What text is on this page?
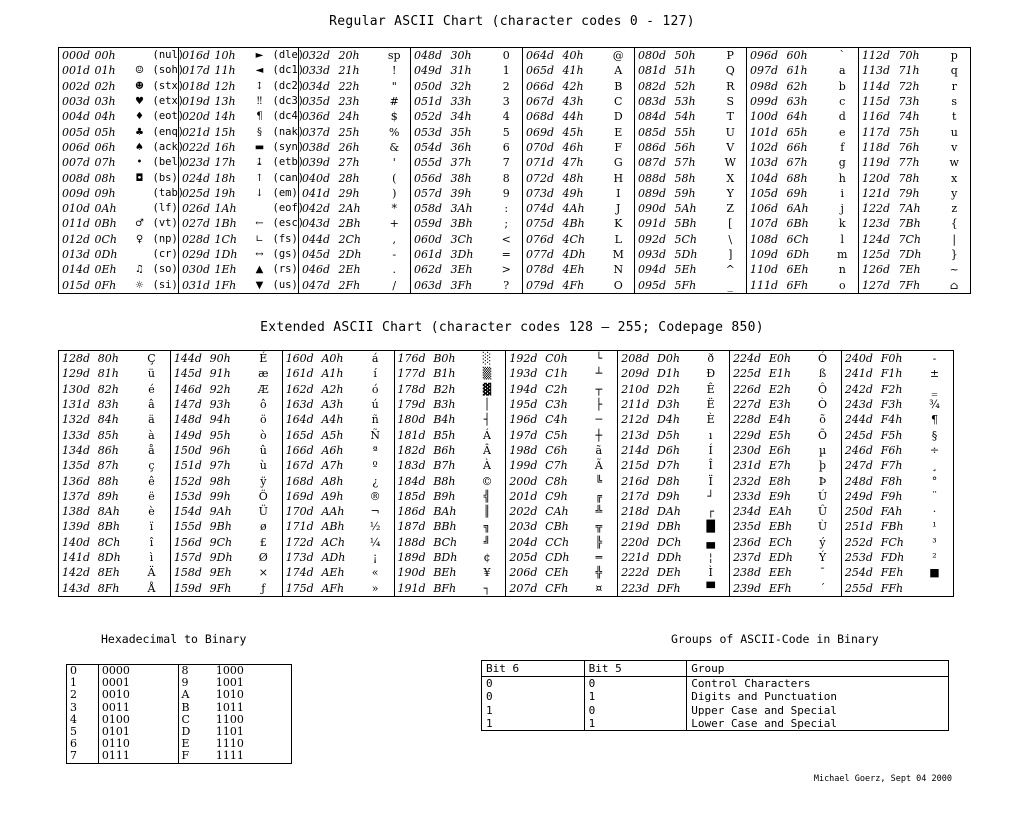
Regular ASCII Chart (character codes 0 - 127)
000d	00h		(nul)	016d	10h	►	(dle)	032d	20h	sp	048d	30h	0	064d	40h	@	080d	50h	P	096d	60h	`	112d	70h	p
001d	01h	☺	(soh)	017d	11h	◄	(dc1)	033d	21h	!	049d	31h	1	065d	41h	A	081d	51h	Q	097d	61h	a	113d	71h	q
002d	02h	☻	(stx)	018d	12h	↕	(dc2)	034d	22h	"	050d	32h	2	066d	42h	B	082d	52h	R	098d	62h	b	114d	72h	r
003d	03h	♥	(etx)	019d	13h	‼	(dc3)	035d	23h	#	051d	33h	3	067d	43h	C	083d	53h	S	099d	63h	c	115d	73h	s
004d	04h	♦	(eot)	020d	14h	¶	(dc4)	036d	24h	$	052d	34h	4	068d	44h	D	084d	54h	T	100d	64h	d	116d	74h	t
005d	05h	♣	(enq)	021d	15h	§	(nak)	037d	25h	%	053d	35h	5	069d	45h	E	085d	55h	U	101d	65h	e	117d	75h	u
006d	06h	♠	(ack)	022d	16h	▬	(syn)	038d	26h	&	054d	36h	6	070d	46h	F	086d	56h	V	102d	66h	f	118d	76h	v
007d	07h	•	(bel)	023d	17h	↨	(etb)	039d	27h	'	055d	37h	7	071d	47h	G	087d	57h	W	103d	67h	g	119d	77h	w
008d	08h	◘	(bs)	024d	18h	↑	(can)	040d	28h	(	056d	38h	8	072d	48h	H	088d	58h	X	104d	68h	h	120d	78h	x
009d	09h		(tab)	025d	19h	↓	(em)	041d	29h	)	057d	39h	9	073d	49h	I	089d	59h	Y	105d	69h	i	121d	79h	y
010d	0Ah		(lf)	026d	1Ah		(eof)	042d	2Ah	*	058d	3Ah	:	074d	4Ah	J	090d	5Ah	Z	106d	6Ah	j	122d	7Ah	z
011d	0Bh	♂	(vt)	027d	1Bh	←	(esc)	043d	2Bh	+	059d	3Bh	;	075d	4Bh	K	091d	5Bh	[	107d	6Bh	k	123d	7Bh	{
012d	0Ch	♀	(np)	028d	1Ch	∟	(fs)	044d	2Ch	,	060d	3Ch	<	076d	4Ch	L	092d	5Ch	\	108d	6Ch	l	124d	7Ch	|
013d	0Dh		(cr)	029d	1Dh	↔	(gs)	045d	2Dh	-	061d	3Dh	=	077d	4Dh	M	093d	5Dh	]	109d	6Dh	m	125d	7Dh	}
014d	0Eh	♫	(so)	030d	1Eh	▲	(rs)	046d	2Eh	.	062d	3Eh	>	078d	4Eh	N	094d	5Eh	^	110d	6Eh	n	126d	7Eh	~
015d	0Fh	☼	(si)	031d	1Fh	▼	(us)	047d	2Fh	/	063d	3Fh	?	079d	4Fh	O	095d	5Fh	_	111d	6Fh	o	127d	7Fh	⌂
Extended ASCII Chart (character codes 128 – 255; Codepage 850)
128d	80h	Ç	144d	90h	É	160d	A0h	á	176d	B0h	░	192d	C0h	└	208d	D0h	ð	224d	E0h	Ó	240d	F0h	-
129d	81h	ü	145d	91h	æ	161d	A1h	í	177d	B1h	▒	193d	C1h	┴	209d	D1h	Ð	225d	E1h	ß	241d	F1h	±
130d	82h	é	146d	92h	Æ	162d	A2h	ó	178d	B2h	▓	194d	C2h	┬	210d	D2h	Ê	226d	E2h	Ô	242d	F2h	‗
131d	83h	â	147d	93h	ô	163d	A3h	ú	179d	B3h	│	195d	C3h	├	211d	D3h	Ë	227d	E3h	Ò	243d	F3h	¾
132d	84h	ä	148d	94h	ö	164d	A4h	ñ	180d	B4h	┤	196d	C4h	─	212d	D4h	È	228d	E4h	õ	244d	F4h	¶
133d	85h	à	149d	95h	ò	165d	A5h	Ñ	181d	B5h	Á	197d	C5h	┼	213d	D5h	ı	229d	E5h	Õ	245d	F5h	§
134d	86h	å	150d	96h	û	166d	A6h	ª	182d	B6h	Â	198d	C6h	ã	214d	D6h	Í	230d	E6h	µ	246d	F6h	÷
135d	87h	ç	151d	97h	ù	167d	A7h	º	183d	B7h	À	199d	C7h	Ã	215d	D7h	Î	231d	E7h	þ	247d	F7h	¸
136d	88h	ê	152d	98h	ÿ	168d	A8h	¿	184d	B8h	©	200d	C8h	╚	216d	D8h	Ï	232d	E8h	Þ	248d	F8h	°
137d	89h	ë	153d	99h	Ö	169d	A9h	®	185d	B9h	╣	201d	C9h	╔	217d	D9h	┘	233d	E9h	Ú	249d	F9h	¨
138d	8Ah	è	154d	9Ah	Ü	170d	AAh	¬	186d	BAh	║	202d	CAh	╩	218d	DAh	┌	234d	EAh	Û	250d	FAh	·
139d	8Bh	ï	155d	9Bh	ø	171d	ABh	½	187d	BBh	╗	203d	CBh	╦	219d	DBh	█	235d	EBh	Ù	251d	FBh	¹
140d	8Ch	î	156d	9Ch	£	172d	ACh	¼	188d	BCh	╝	204d	CCh	╠	220d	DCh	▄	236d	ECh	ý	252d	FCh	³
141d	8Dh	ì	157d	9Dh	Ø	173d	ADh	¡	189d	BDh	¢	205d	CDh	═	221d	DDh	¦	237d	EDh	Ý	253d	FDh	²
142d	8Eh	Ä	158d	9Eh	×	174d	AEh	«	190d	BEh	¥	206d	CEh	╬	222d	DEh	Ì	238d	EEh	¯	254d	FEh	■
143d	8Fh	Å	159d	9Fh	ƒ	175d	AFh	»	191d	BFh	┐	207d	CFh	¤	223d	DFh	▀	239d	EFh	´	255d	FFh	
Hexadecimal to Binary
0	0000	8	1000
1	0001	9	1001
2	0010	A	1010
3	0011	B	1011
4	0100	C	1100
5	0101	D	1101
6	0110	E	1110
7	0111	F	1111
Groups of ASCII-Code in Binary
Bit 6	Bit 5	Group
0	0	Control Characters
0	1	Digits and Punctuation
1	0	Upper Case and Special
1	1	Lower Case and Special
Michael Goerz, Sept 04 2000
